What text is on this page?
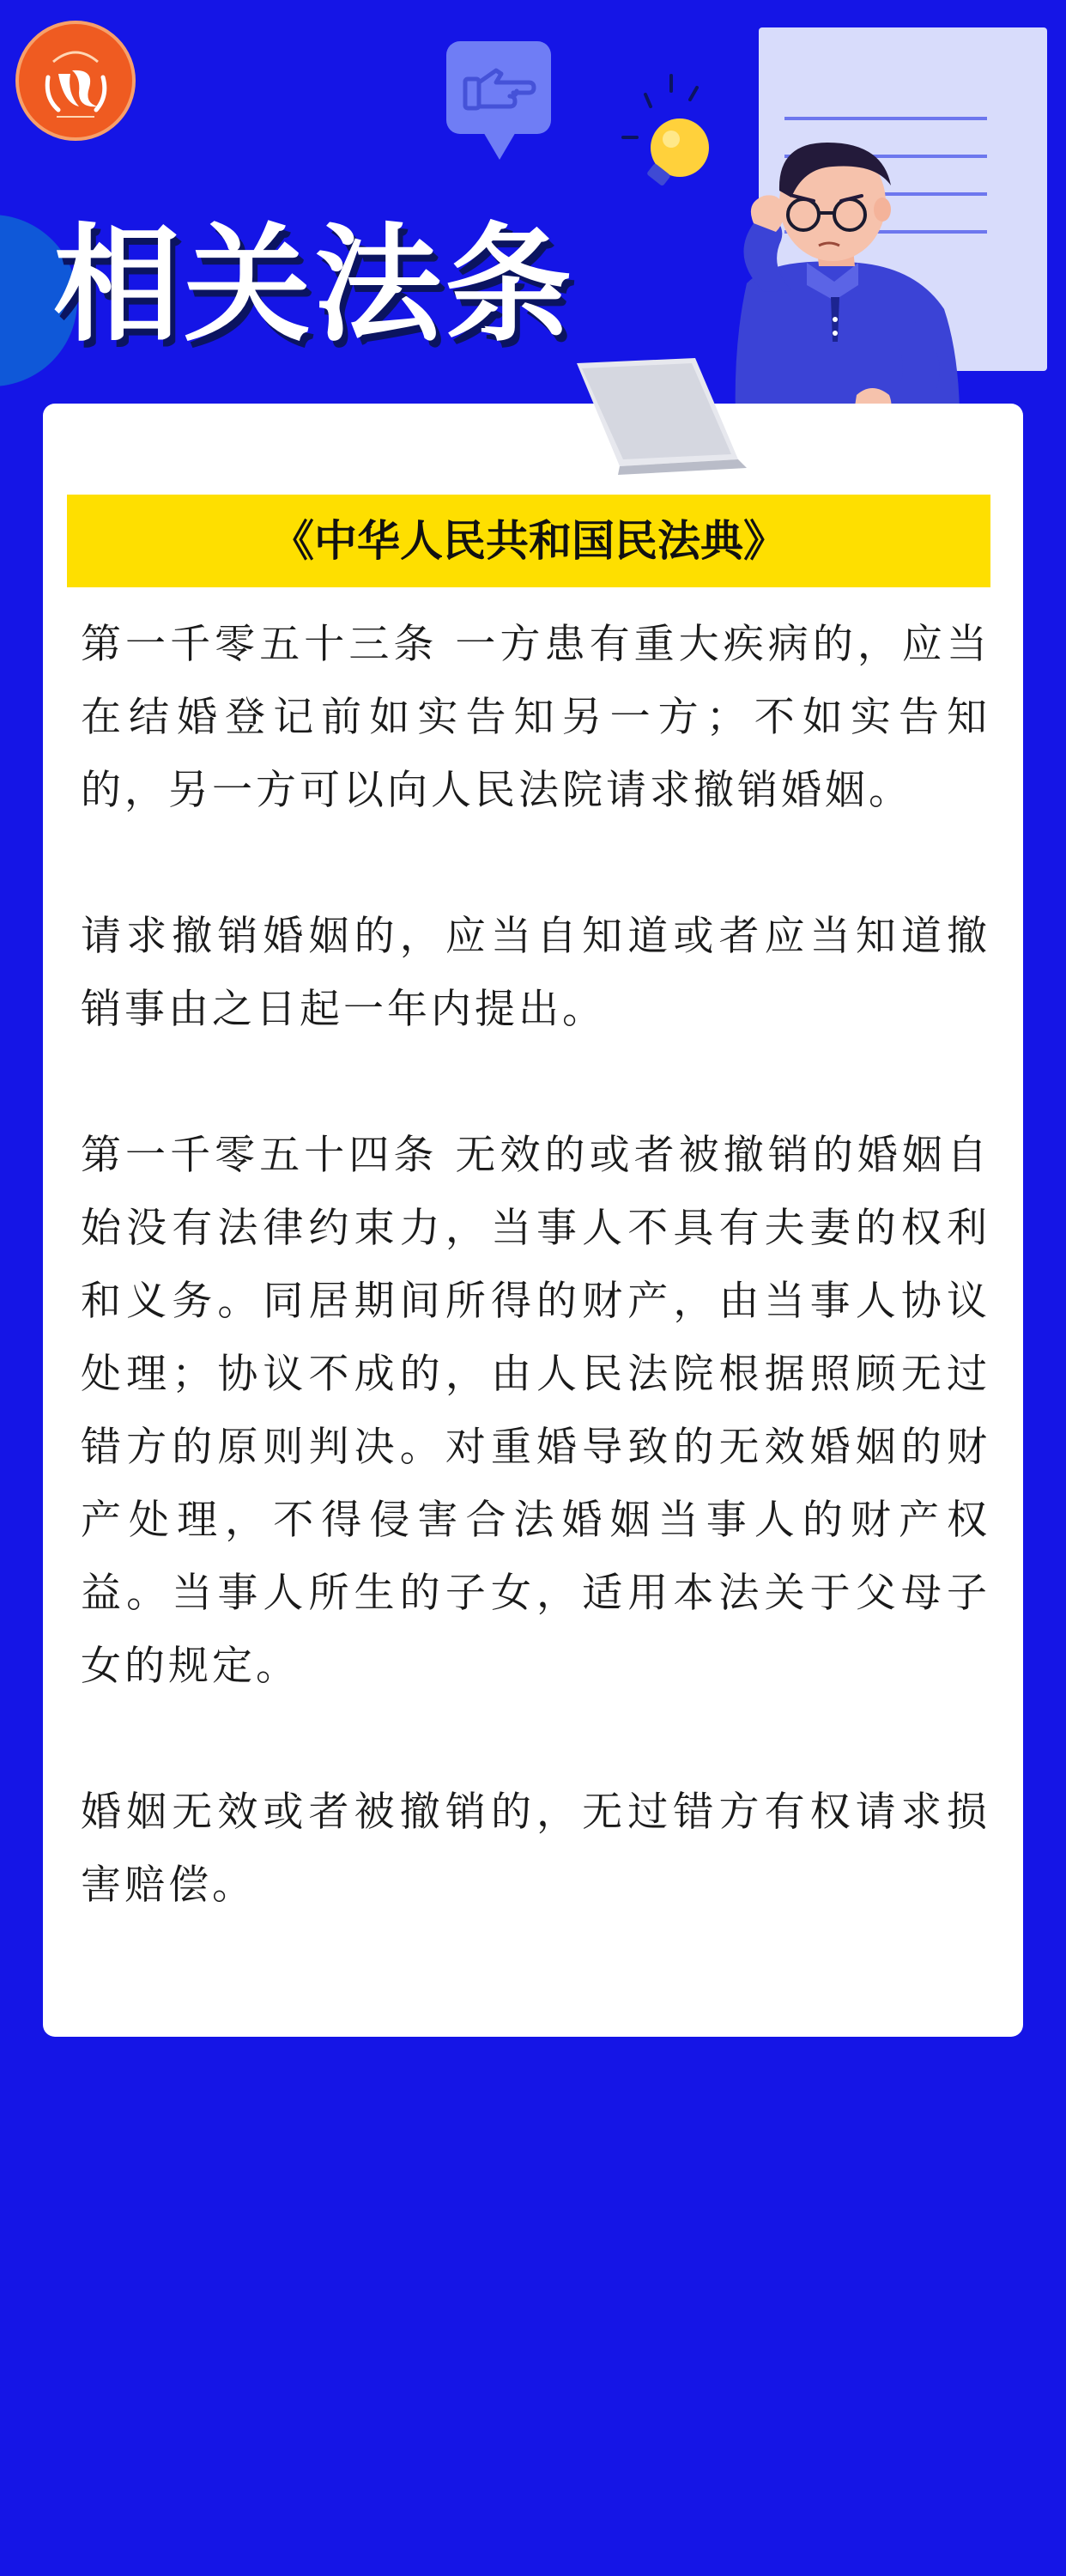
相关法条
《中华人民共和国民法典》

第一千零五十三条 一方患有重大疾病的，应当在结婚登记前如实告知另一方；不如实告知的，另一方可以向人民法院请求撤销婚姻。

请求撤销婚姻的，应当自知道或者应当知道撤销事由之日起一年内提出。

第一千零五十四条 无效的或者被撤销的婚姻自始没有法律约束力，当事人不具有夫妻的权利和义务。同居期间所得的财产，由当事人协议处理；协议不成的，由人民法院根据照顾无过错方的原则判决。对重婚导致的无效婚姻的财产处理，不得侵害合法婚姻当事人的财产权益。当事人所生的子女，适用本法关于父母子女的规定。

婚姻无效或者被撤销的，无过错方有权请求损害赔偿。
